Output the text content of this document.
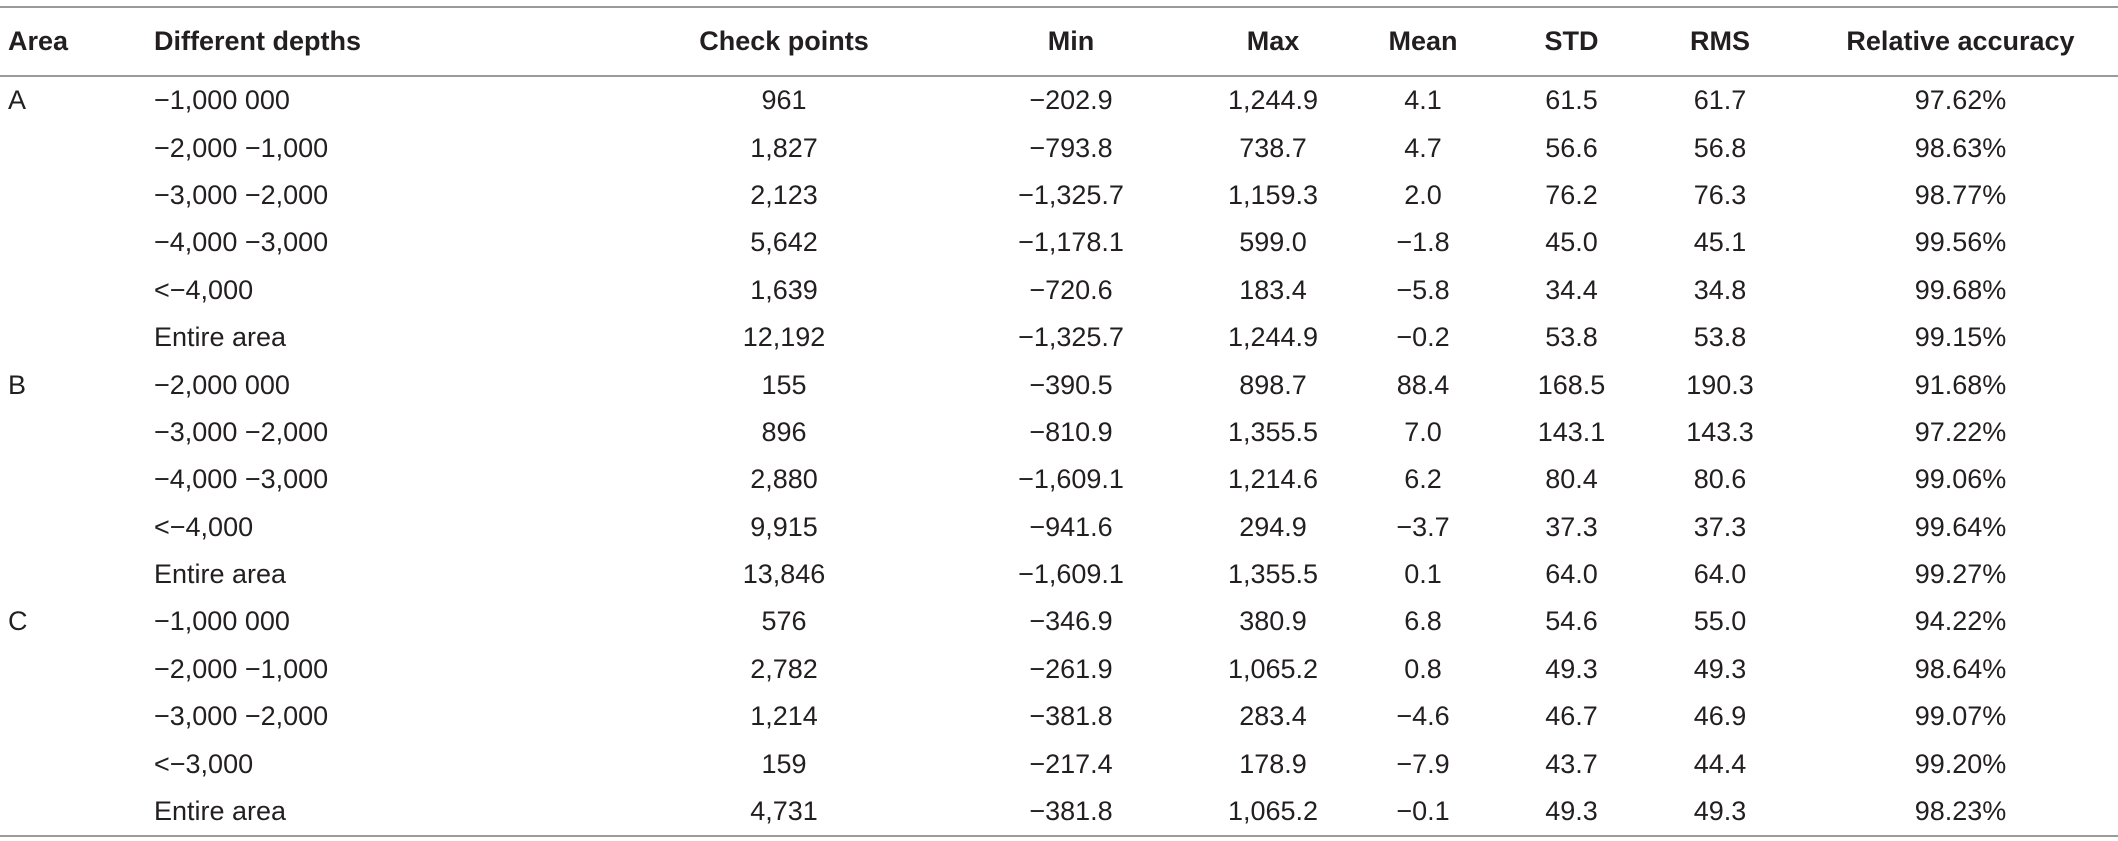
Area	Different depths	Check points	Min	Max	Mean	STD	RMS	Relative accuracy
A	−1,000 000	961	−202.9	1,244.9	4.1	61.5	61.7	97.62%
	−2,000 −1,000	1,827	−793.8	738.7	4.7	56.6	56.8	98.63%
	−3,000 −2,000	2,123	−1,325.7	1,159.3	2.0	76.2	76.3	98.77%
	−4,000 −3,000	5,642	−1,178.1	599.0	−1.8	45.0	45.1	99.56%
	<−4,000	1,639	−720.6	183.4	−5.8	34.4	34.8	99.68%
	Entire area	12,192	−1,325.7	1,244.9	−0.2	53.8	53.8	99.15%
B	−2,000 000	155	−390.5	898.7	88.4	168.5	190.3	91.68%
	−3,000 −2,000	896	−810.9	1,355.5	7.0	143.1	143.3	97.22%
	−4,000 −3,000	2,880	−1,609.1	1,214.6	6.2	80.4	80.6	99.06%
	<−4,000	9,915	−941.6	294.9	−3.7	37.3	37.3	99.64%
	Entire area	13,846	−1,609.1	1,355.5	0.1	64.0	64.0	99.27%
C	−1,000 000	576	−346.9	380.9	6.8	54.6	55.0	94.22%
	−2,000 −1,000	2,782	−261.9	1,065.2	0.8	49.3	49.3	98.64%
	−3,000 −2,000	1,214	−381.8	283.4	−4.6	46.7	46.9	99.07%
	<−3,000	159	−217.4	178.9	−7.9	43.7	44.4	99.20%
	Entire area	4,731	−381.8	1,065.2	−0.1	49.3	49.3	98.23%
